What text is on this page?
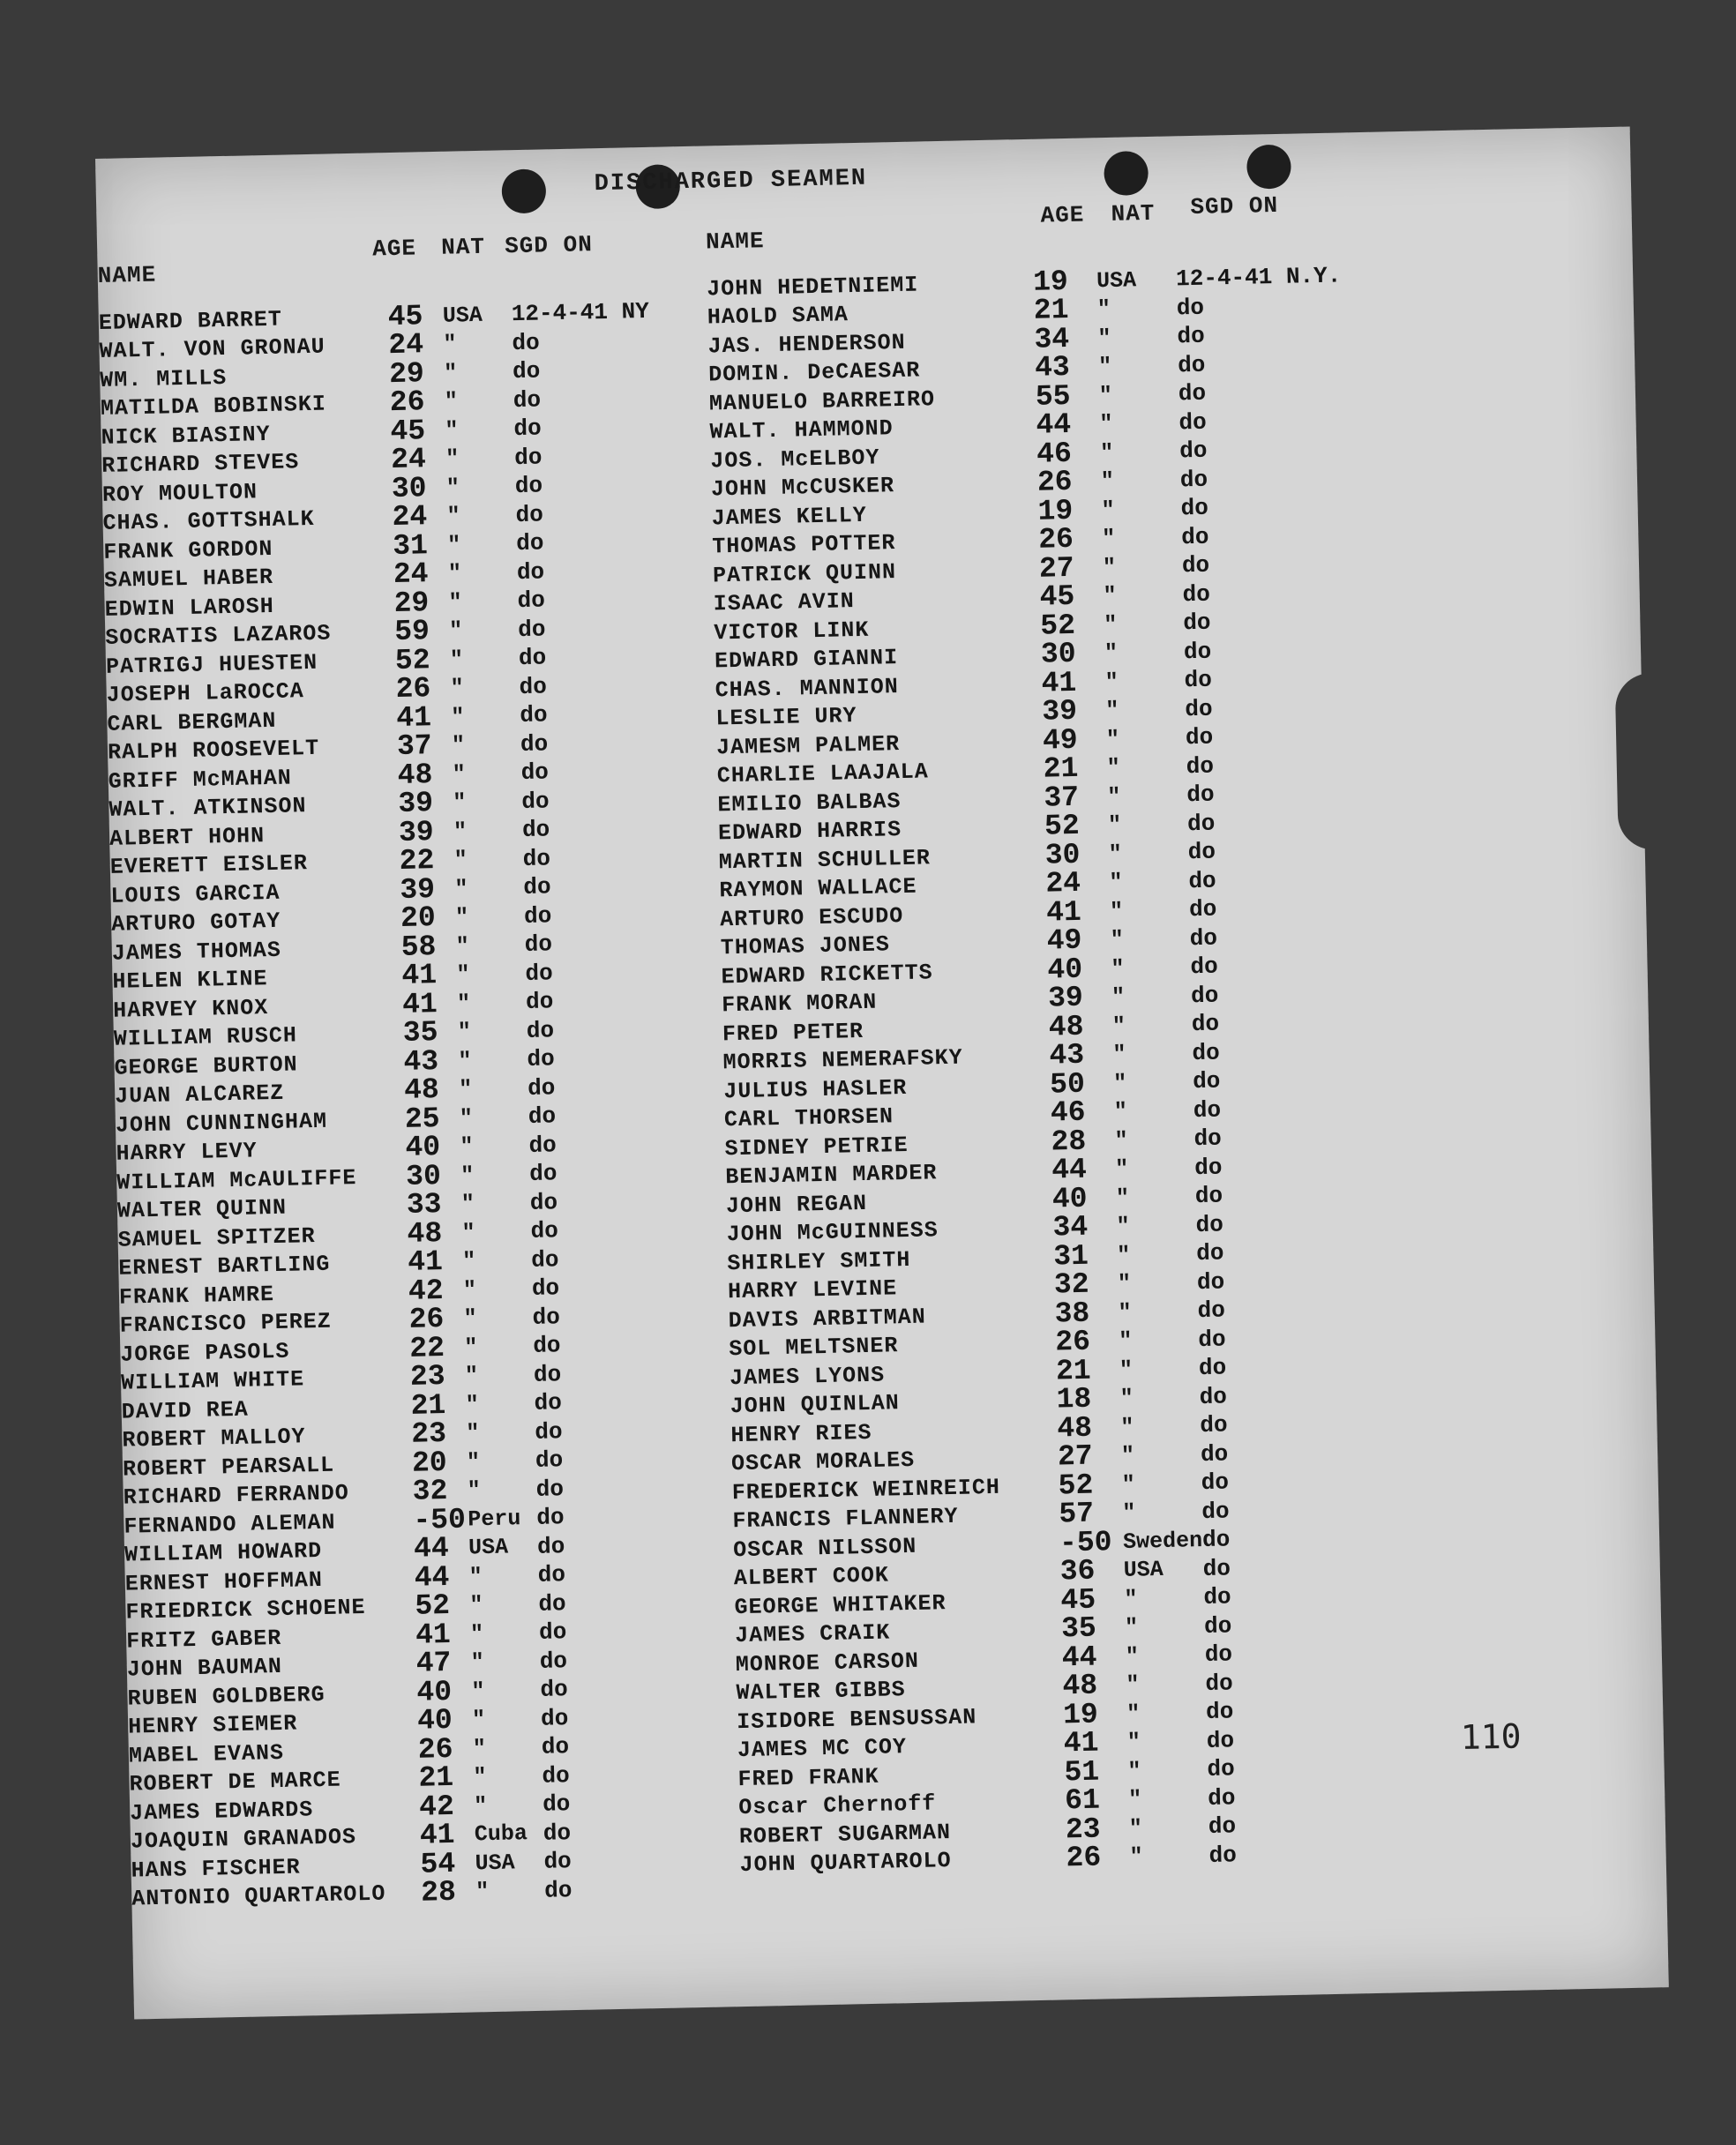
DISCHARGED SEAMEN
NAME
AGE NAT SGD ON	NAME
AGE NAT SGD ON
EDWARD BARRET	45 USA	12-4-41 NY
WALT. VON GRONAU	24 "	do
WM. MILLS	29 "	do
MATILDA BOBINSKI	26 "	do
NICK BIASINY	45 "	do
RICHARD STEVES	24 "	do
ROY MOULTON	30 "	do
CHAS. GOTTSHALK	24 "	do
FRANK GORDON	31 "	do
SAMUEL HABER	24 "	do
EDWIN LAROSH	29 "	do
SOCRATIS LAZAROS	59 "	do
PATRIGJ HUESTEN	52 "	do
JOSEPH LaROCCA	26 "	do
CARL BERGMAN	41 "	do
RALPH ROOSEVELT	37 "	do
GRIFF McMAHAN	48 "	do
WALT. ATKINSON	39 "	do
ALBERT HOHN	39 "	do
EVERETT EISLER	22 "	do
LOUIS GARCIA	39 "	do
ARTURO GOTAY	20 "	do
JAMES THOMAS	58 "	do
HELEN KLINE	41 "	do
HARVEY KNOX	41 "	do
WILLIAM RUSCH	35 "	do
GEORGE BURTON	43 "	do
JUAN ALCAREZ	48 "	do
JOHN CUNNINGHAM	25 "	do
HARRY LEVY	40 "	do
WILLIAM McAULIFFE	30 "	do
WALTER QUINN	33 "	do
SAMUEL SPITZER	48 "	do
ERNEST BARTLING	41 "	do
FRANK HAMRE	42 "	do
FRANCISCO PEREZ	26 "	do
JORGE PASOLS	22 "	do
WILLIAM WHITE	23 "	do
DAVID REA	21 "	do
ROBERT MALLOY	23 "	do
ROBERT PEARSALL	20 "	do
RICHARD FERRANDO	32 "	do
FERNANDO ALEMAN	-50 Peru do
WILLIAM HOWARD	44 USA	do
ERNEST HOFFMAN	44 "	do
FRIEDRICK SCHOENE	52 "	do
FRITZ GABER	41 "	do
JOHN BAUMAN	47 "	do
RUBEN GOLDBERG	40 "	do
HENRY SIEMER	40 "	do
MABEL EVANS	26 "	do
ROBERT DE MARCE	21 "	do
JAMES EDWARDS	42 "	do
JOAQUIN GRANADOS	41 Cuba do
HANS FISCHER	54 USA	do
ANTONIO QUARTAROLO	28 "	do
JOHN HEDETNIEMI	19	USA	12-4-41 N.Y.
HAOLD SAMA	21	"	do
JAS. HENDERSON	34	"	do
DOMIN. DeCAESAR	43	"	do
MANUELO BARREIRO	55	"	do
WALT. HAMMOND	44	"	do
JOS. McELBOY	46	"	do
JOHN McCUSKER	26	"	do
JAMES KELLY	19	"	do
THOMAS POTTER	26	"	do
PATRICK QUINN	27	"	do
ISAAC AVIN	45	"	do
VICTOR LINK	52	"	do
EDWARD GIANNI	30	"	do
CHAS. MANNION	41	"	do
LESLIE URY	39	"	do
JAMESM PALMER	49	"	do
CHARLIE LAAJALA	21	"	do
EMILIO BALBAS	37	"	do
EDWARD HARRIS	52	"	do
MARTIN SCHULLER	30	"	do
RAYMON WALLACE	24	"	do
ARTURO ESCUDO	41	"	do
THOMAS JONES	49	"	do
EDWARD RICKETTS	40	"	do
FRANK MORAN	39	"	do
FRED PETER	48	"	do
MORRIS NEMERAFSKY	43	"	do
JULIUS HASLER	50	"	do
CARL THORSEN	46	"	do
SIDNEY PETRIE	28	"	do
BENJAMIN MARDER	44	"	do
JOHN REGAN	40	"	do
JOHN McGUINNESS	34	"	do
SHIRLEY SMITH	31	"	do
HARRY LEVINE	32	"	do
DAVIS ARBITMAN	38	"	do
SOL MELTSNER	26	"	do
JAMES LYONS	21	"	do
JOHN QUINLAN	18	"	do
HENRY RIES	48	"	do
OSCAR MORALES	27	"	do
FREDERICK WEINREICH	52	"	do
FRANCIS FLANNERY	57	"	do
OSCAR NILSSON	-50 Sweden do
ALBERT COOK	36	USA	do
GEORGE WHITAKER	45	"	do
JAMES CRAIK	35	"	do
MONROE CARSON	44	"	do
WALTER GIBBS	48	"	do
ISIDORE BENSUSSAN	19	"	do
JAMES MC COY	41	"	do
FRED FRANK	51	"	do
Oscar Chernoff	61	"	do
ROBERT SUGARMAN	23	"	do
JOHN QUARTAROLO	26	"	do
110
